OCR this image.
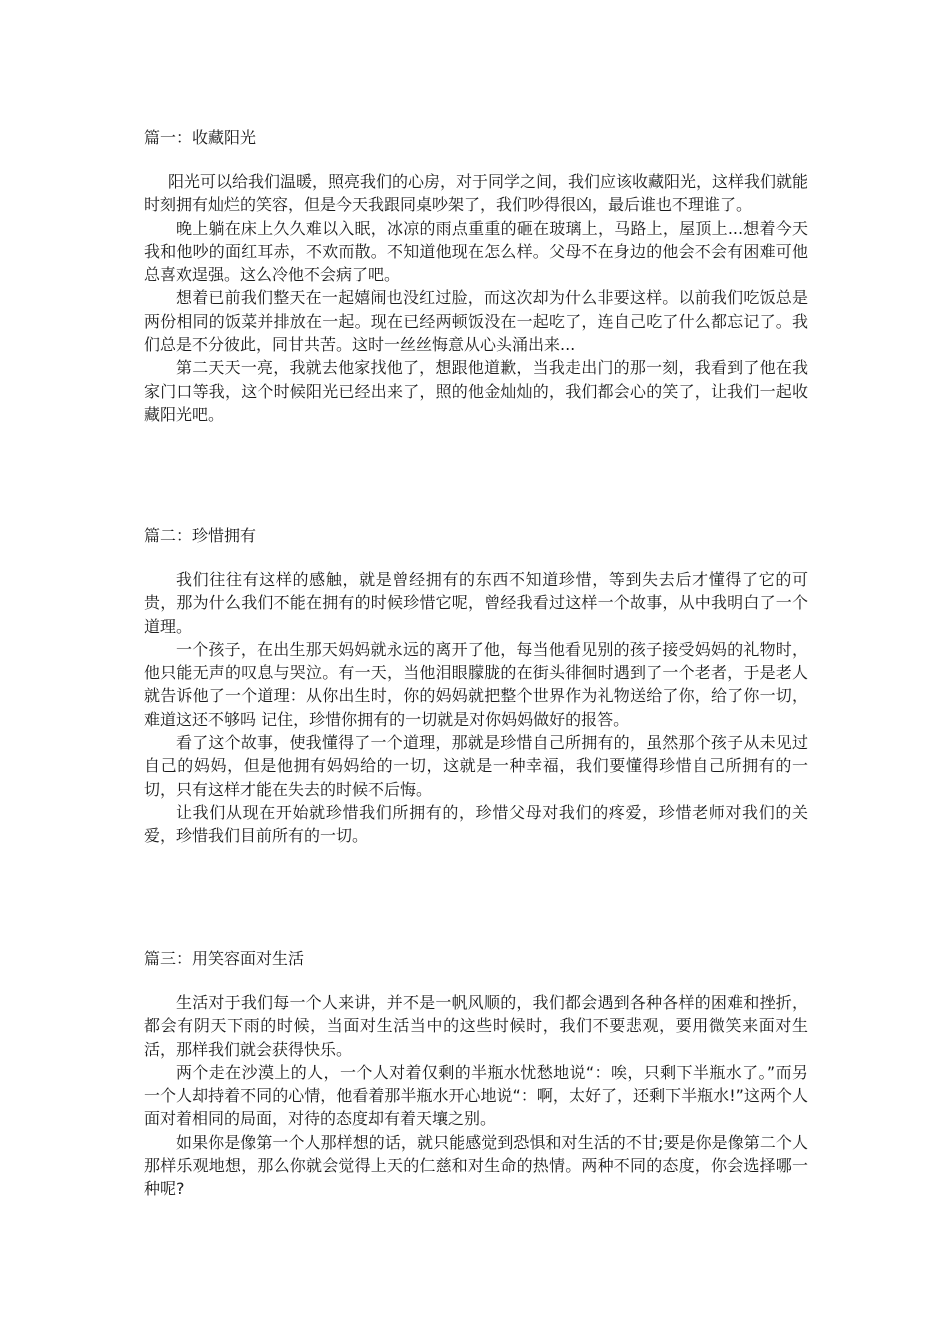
篇一：收藏阳光

阳光可以给我们温暖，照亮我们的心房，对于同学之间，我们应该收藏阳光，这样我们就能时刻拥有灿烂的笑容，但是今天我跟同桌吵架了，我们吵得很凶，最后谁也不理谁了。

晚上躺在床上久久难以入眠，冰凉的雨点重重的砸在玻璃上，马路上，屋顶上...想着今天我和他吵的面红耳赤，不欢而散。不知道他现在怎么样。父母不在身边的他会不会有困难可他总喜欢逞强。这么冷他不会病了吧。

想着已前我们整天在一起嬉闹也没红过脸，而这次却为什么非要这样。以前我们吃饭总是两份相同的饭菜并排放在一起。现在已经两顿饭没在一起吃了，连自己吃了什么都忘记了。我们总是不分彼此，同甘共苦。这时一丝丝悔意从心头涌出来...

第二天天一亮，我就去他家找他了，想跟他道歉，当我走出门的那一刻，我看到了他在我家门口等我，这个时候阳光已经出来了，照的他金灿灿的，我们都会心的笑了，让我们一起收藏阳光吧。

篇二：珍惜拥有

我们往往有这样的感触，就是曾经拥有的东西不知道珍惜，等到失去后才懂得了它的可贵，那为什么我们不能在拥有的时候珍惜它呢，曾经我看过这样一个故事，从中我明白了一个道理。

一个孩子，在出生那天妈妈就永远的离开了他，每当他看见别的孩子接受妈妈的礼物时，他只能无声的叹息与哭泣。有一天，当他泪眼朦胧的在街头徘徊时遇到了一个老者，于是老人就告诉他了一个道理：从你出生时，你的妈妈就把整个世界作为礼物送给了你，给了你一切，难道这还不够吗 记住，珍惜你拥有的一切就是对你妈妈做好的报答。

看了这个故事，使我懂得了一个道理，那就是珍惜自己所拥有的，虽然那个孩子从未见过自己的妈妈，但是他拥有妈妈给的一切，这就是一种幸福，我们要懂得珍惜自己所拥有的一切，只有这样才能在失去的时候不后悔。

让我们从现在开始就珍惜我们所拥有的，珍惜父母对我们的疼爱，珍惜老师对我们的关爱，珍惜我们目前所有的一切。

篇三：用笑容面对生活

生活对于我们每一个人来讲，并不是一帆风顺的，我们都会遇到各种各样的困难和挫折，都会有阴天下雨的时候，当面对生活当中的这些时候时，我们不要悲观，要用微笑来面对生活，那样我们就会获得快乐。

两个走在沙漠上的人，一个人对着仅剩的半瓶水忧愁地说“：唉，只剩下半瓶水了。”而另一个人却持着不同的心情，他看着那半瓶水开心地说“：啊，太好了，还剩下半瓶水!”这两个人面对着相同的局面，对待的态度却有着天壤之别。

如果你是像第一个人那样想的话，就只能感觉到恐惧和对生活的不甘;要是你是像第二个人那样乐观地想，那么你就会觉得上天的仁慈和对生命的热情。两种不同的态度，你会选择哪一种呢?
